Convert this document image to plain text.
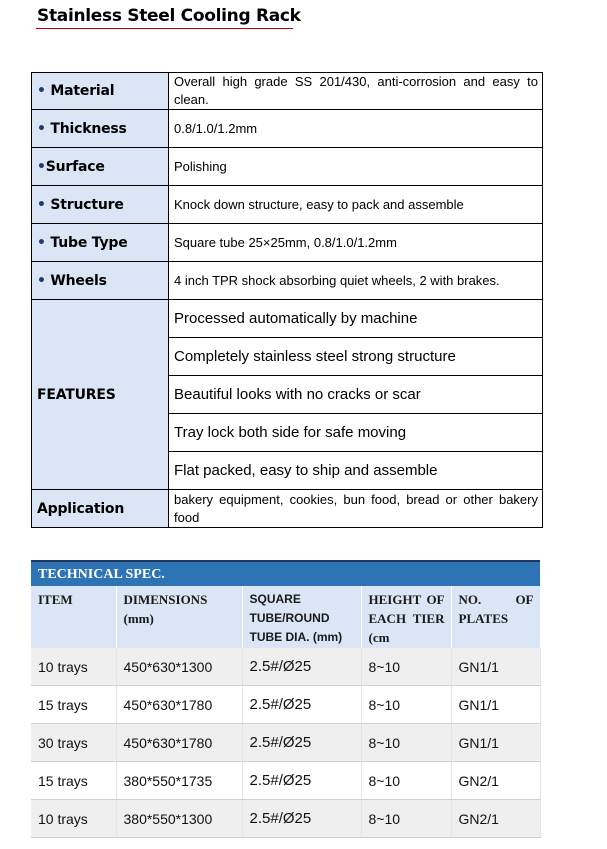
Stainless Steel Cooling Rack
• Material	Overall high grade SS 201/430, anti-corrosion and easy to clean.
• Thickness	0.8/1.0/1.2mm
•Surface	Polishing
• Structure	Knock down structure, easy to pack and assemble
• Tube Type	Square tube 25×25mm, 0.8/1.0/1.2mm
• Wheels	4 inch TPR shock absorbing quiet wheels, 2 with brakes.
FEATURES	Processed automatically by machine
	Completely stainless steel strong structure
	Beautiful looks with no cracks or scar
	Tray lock both side for safe moving
	Flat packed, easy to ship and assemble
Application	bakery equipment, cookies, bun food, bread or other bakery food
TECHNICAL SPEC.
ITEM	DIMENSIONS (mm)	SQUARE TUBE/ROUND TUBE DIA. (mm)	HEIGHT OF EACH TIER (cm	NO. OF PLATES
10 trays	450*630*1300	2.5#/Ø25	8~10	GN1/1
15 trays	450*630*1780	2.5#/Ø25	8~10	GN1/1
30 trays	450*630*1780	2.5#/Ø25	8~10	GN1/1
15 trays	380*550*1735	2.5#/Ø25	8~10	GN2/1
10 trays	380*550*1300	2.5#/Ø25	8~10	GN2/1
